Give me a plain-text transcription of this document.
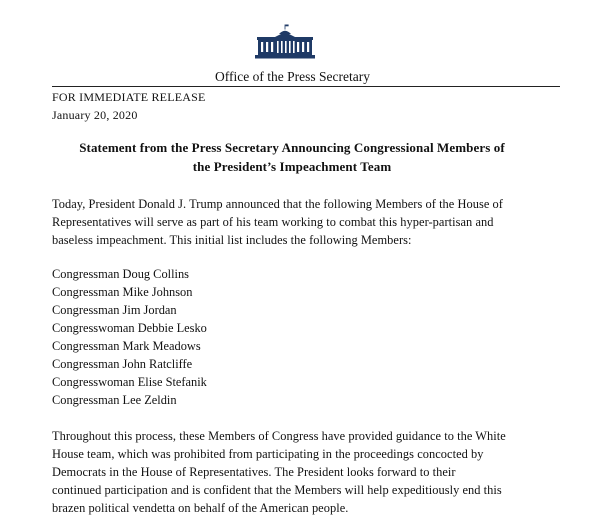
Office of the Press Secretary
FOR IMMEDIATE RELEASE
January 20, 2020
Statement from the Press Secretary Announcing Congressional Members of
the President’s Impeachment Team
Today, President Donald J. Trump announced that the following Members of the House of
Representatives will serve as part of his team working to combat this hyper-partisan and
baseless impeachment. This initial list includes the following Members:
Congressman Doug Collins
Congressman Mike Johnson
Congressman Jim Jordan
Congresswoman Debbie Lesko
Congressman Mark Meadows
Congressman John Ratcliffe
Congresswoman Elise Stefanik
Congressman Lee Zeldin
Throughout this process, these Members of Congress have provided guidance to the White
House team, which was prohibited from participating in the proceedings concocted by
Democrats in the House of Representatives. The President looks forward to their
continued participation and is confident that the Members will help expeditiously end this
brazen political vendetta on behalf of the American people.
